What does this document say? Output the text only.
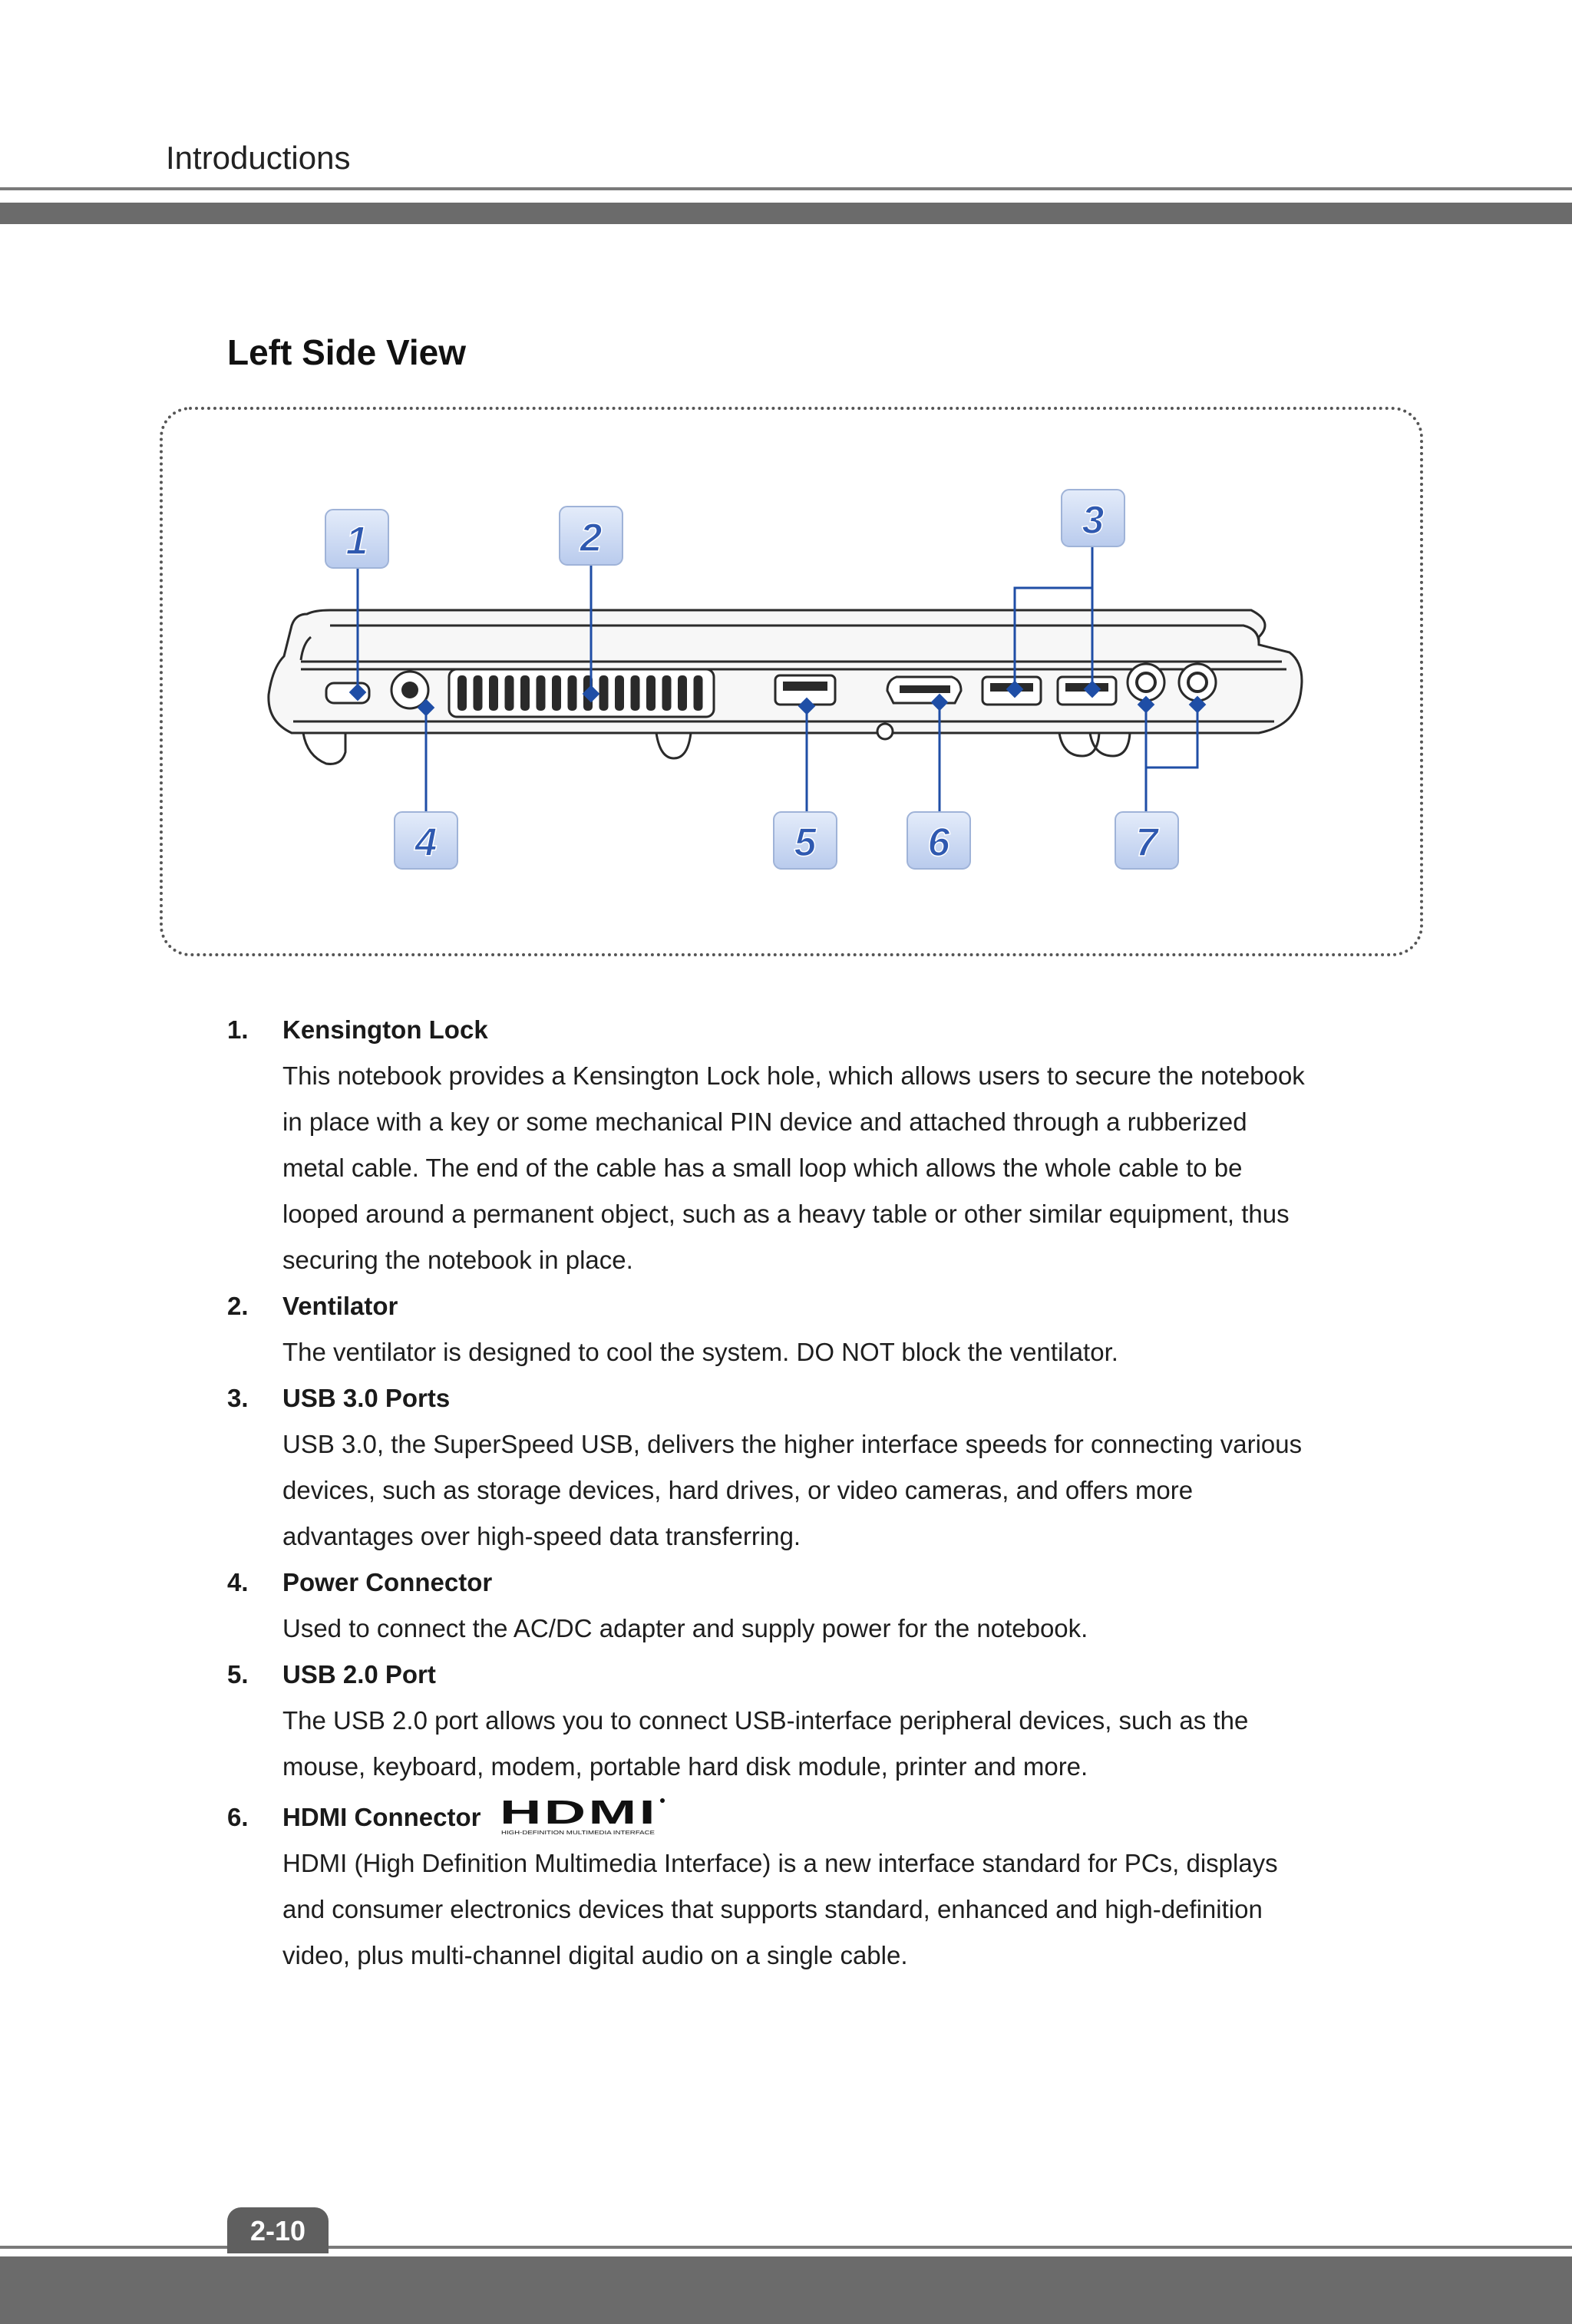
Introductions
Left Side View
1	2	3
4	5	6	7
1.	Kensington Lock
This notebook provides a Kensington Lock hole, which allows users to secure the notebook
in place with a key or some mechanical PIN device and attached through a rubberized
metal cable. The end of the cable has a small loop which allows the whole cable to be
looped around a permanent object, such as a heavy table or other similar equipment, thus
securing the notebook in place.
2.	Ventilator
The ventilator is designed to cool the system. DO NOT block the ventilator.
3.	USB 3.0 Ports
USB 3.0, the SuperSpeed USB, delivers the higher interface speeds for connecting various
devices, such as storage devices, hard drives, or video cameras, and offers more
advantages over high-speed data transferring.
4.	Power Connector
Used to connect the AC/DC adapter and supply power for the notebook.
5.	USB 2.0 Port
The USB 2.0 port allows you to connect USB-interface peripheral devices, such as the
mouse, keyboard, modem, portable hard disk module, printer and more.
6.	HDMI Connector HDMI
HIGH-DEFINITION MULTIMEDIA INTERFACE
HDMI (High Definition Multimedia Interface) is a new interface standard for PCs, displays
and consumer electronics devices that supports standard, enhanced and high-definition
video, plus multi-channel digital audio on a single cable.
2-10
